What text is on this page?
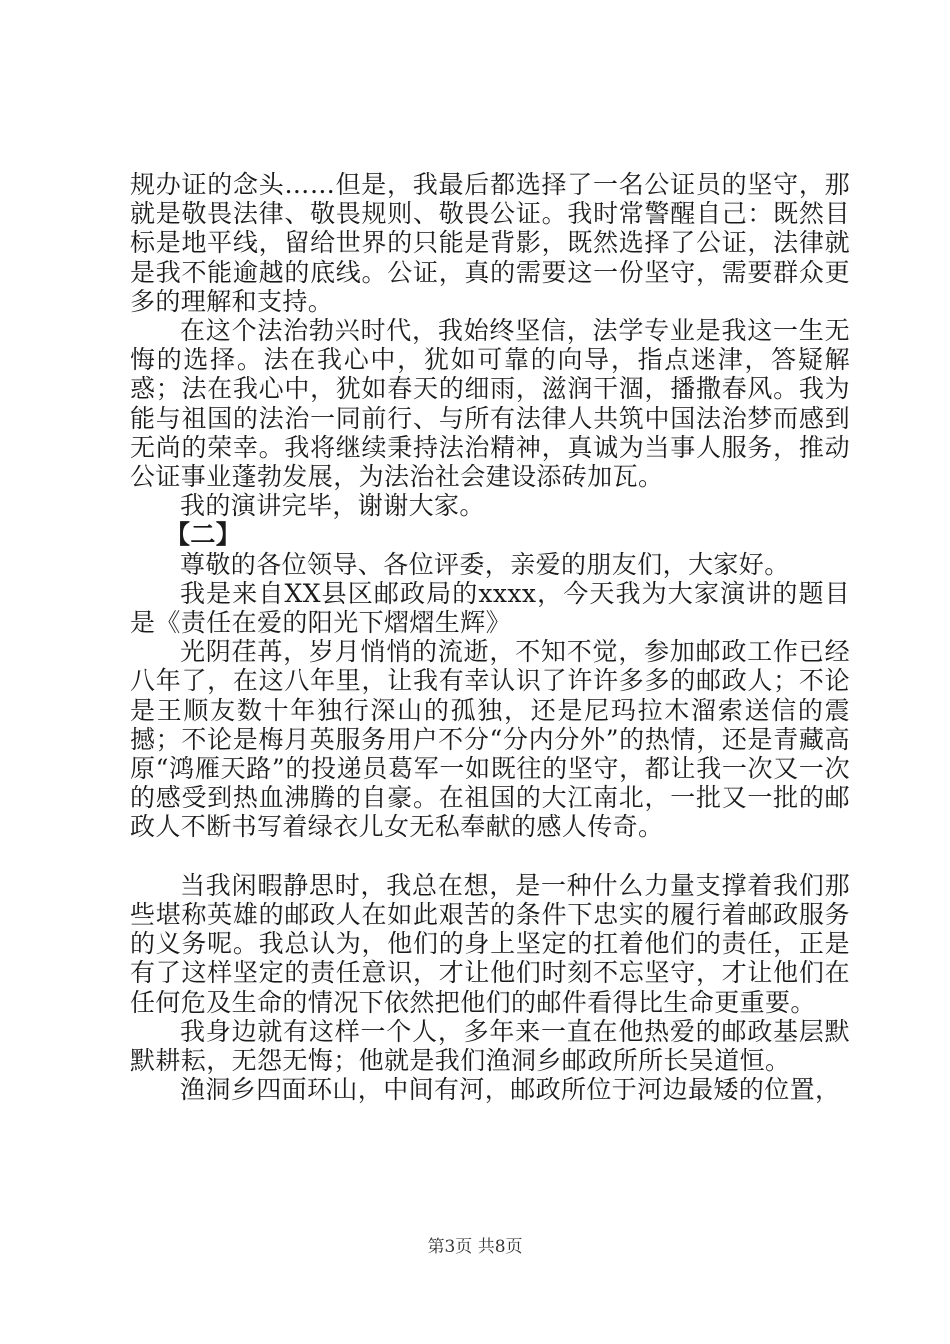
规办证的念头……但是，我最后都选择了一名公证员的坚守，那就是敬畏法律、敬畏规则、敬畏公证。我时常警醒自己：既然目标是地平线，留给世界的只能是背影，既然选择了公证，法律就是我不能逾越的底线。公证，真的需要这一份坚守，需要群众更多的理解和支持。

在这个法治勃兴时代，我始终坚信，法学专业是我这一生无悔的选择。法在我心中，犹如可靠的向导，指点迷津，答疑解惑；法在我心中，犹如春天的细雨，滋润干涸，播撒春风。我为能与祖国的法治一同前行、与所有法律人共筑中国法治梦而感到无尚的荣幸。我将继续秉持法治精神，真诚为当事人服务，推动公证事业蓬勃发展，为法治社会建设添砖加瓦。

我的演讲完毕，谢谢大家。

【二】

尊敬的各位领导、各位评委，亲爱的朋友们，大家好。

我是来自XX县区邮政局的xxxx，今天我为大家演讲的题目是《责任在爱的阳光下熠熠生辉》

光阴荏苒，岁月悄悄的流逝，不知不觉，参加邮政工作已经八年了，在这八年里，让我有幸认识了许许多多的邮政人；不论是王顺友数十年独行深山的孤独，还是尼玛拉木溜索送信的震撼；不论是梅月英服务用户不分“分内分外”的热情，还是青藏高原“鸿雁天路”的投递员葛军一如既往的坚守，都让我一次又一次的感受到热血沸腾的自豪。在祖国的大江南北，一批又一批的邮政人不断书写着绿衣儿女无私奉献的感人传奇。

当我闲暇静思时，我总在想，是一种什么力量支撑着我们那些堪称英雄的邮政人在如此艰苦的条件下忠实的履行着邮政服务的义务呢。我总认为，他们的身上坚定的扛着他们的责任，正是有了这样坚定的责任意识，才让他们时刻不忘坚守，才让他们在任何危及生命的情况下依然把他们的邮件看得比生命更重要。

我身边就有这样一个人，多年来一直在他热爱的邮政基层默默耕耘，无怨无悔；他就是我们渔洞乡邮政所所长吴道恒。

渔洞乡四面环山，中间有河，邮政所位于河边最矮的位置，

第3页 共8页
